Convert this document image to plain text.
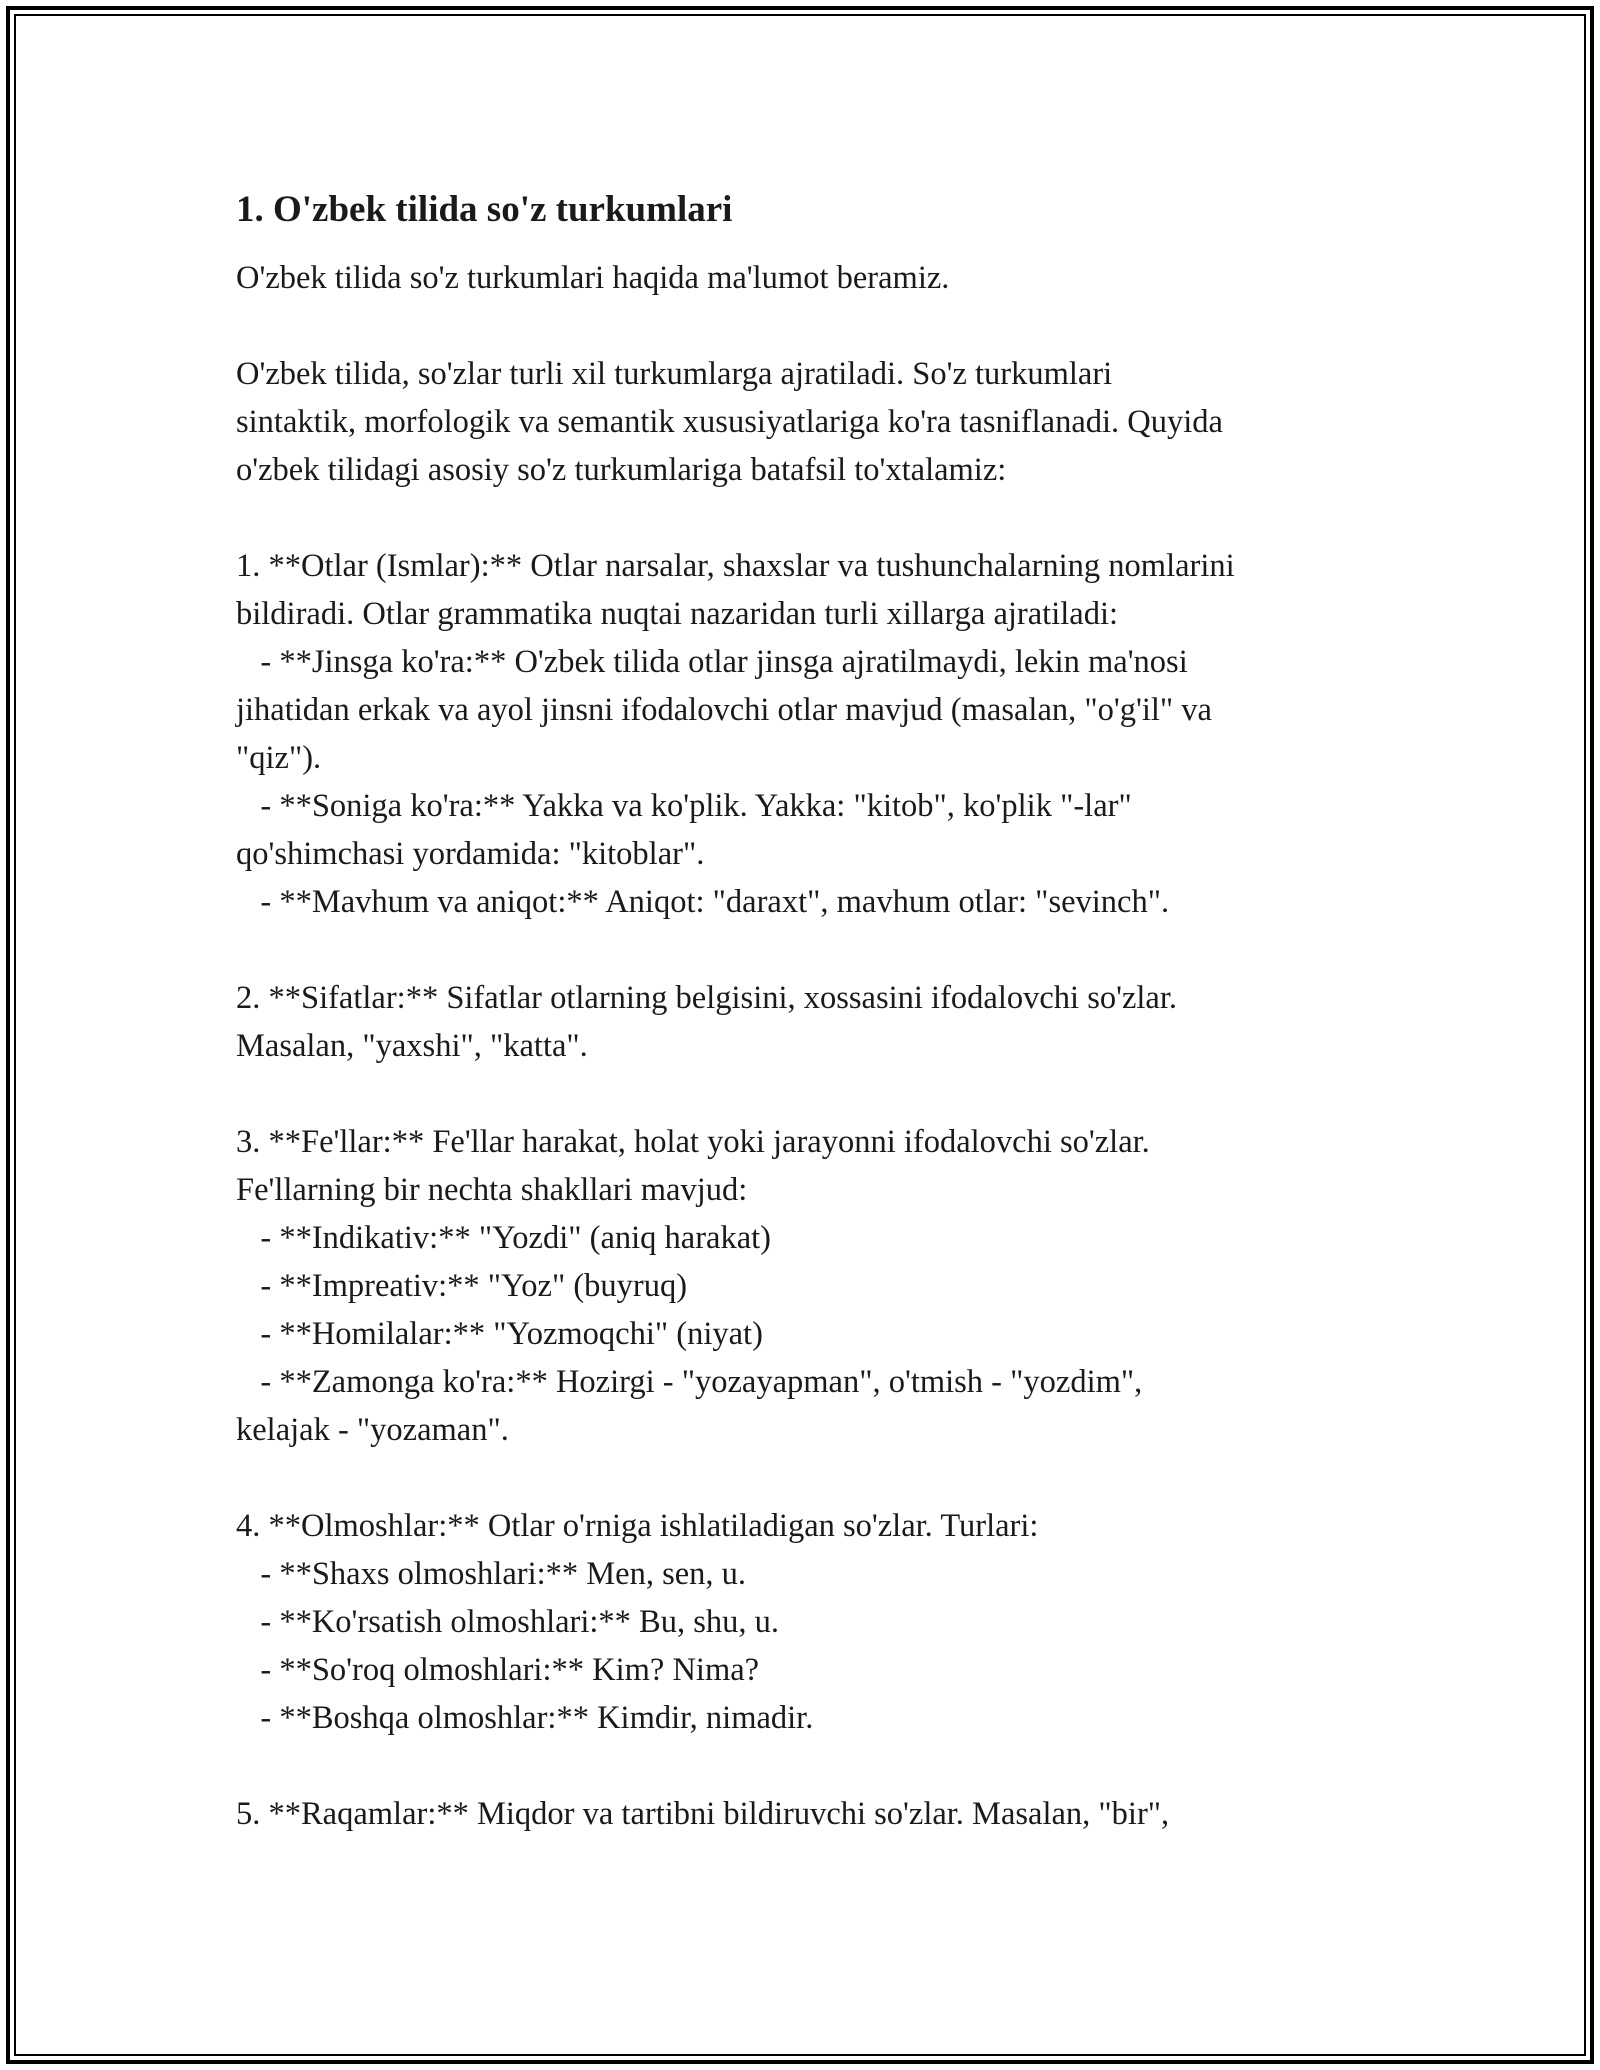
1. O'zbek tilida so'z turkumlari
O'zbek tilida so'z turkumlari haqida ma'lumot beramiz.

O'zbek tilida, so'zlar turli xil turkumlarga ajratiladi. So'z turkumlari
sintaktik, morfologik va semantik xususiyatlariga ko'ra tasniflanadi. Quyida
o'zbek tilidagi asosiy so'z turkumlariga batafsil to'xtalamiz:

1. **Otlar (Ismlar):** Otlar narsalar, shaxslar va tushunchalarning nomlarini
bildiradi. Otlar grammatika nuqtai nazaridan turli xillarga ajratiladi:
- **Jinsga ko'ra:** O'zbek tilida otlar jinsga ajratilmaydi, lekin ma'nosi
jihatidan erkak va ayol jinsni ifodalovchi otlar mavjud (masalan, "o'g'il" va
"qiz").
- **Soniga ko'ra:** Yakka va ko'plik. Yakka: "kitob", ko'plik "-lar"
qo'shimchasi yordamida: "kitoblar".
- **Mavhum va aniqot:** Aniqot: "daraxt", mavhum otlar: "sevinch".

2. **Sifatlar:** Sifatlar otlarning belgisini, xossasini ifodalovchi so'zlar.
Masalan, "yaxshi", "katta".

3. **Fe'llar:** Fe'llar harakat, holat yoki jarayonni ifodalovchi so'zlar.
Fe'llarning bir nechta shakllari mavjud:
- **Indikativ:** "Yozdi" (aniq harakat)
- **Impreativ:** "Yoz" (buyruq)
- **Homilalar:** "Yozmoqchi" (niyat)
- **Zamonga ko'ra:** Hozirgi - "yozayapman", o'tmish - "yozdim",
kelajak - "yozaman".

4. **Olmoshlar:** Otlar o'rniga ishlatiladigan so'zlar. Turlari:
- **Shaxs olmoshlari:** Men, sen, u.
- **Ko'rsatish olmoshlari:** Bu, shu, u.
- **So'roq olmoshlari:** Kim? Nima?
- **Boshqa olmoshlar:** Kimdir, nimadir.

5. **Raqamlar:** Miqdor va tartibni bildiruvchi so'zlar. Masalan, "bir",
